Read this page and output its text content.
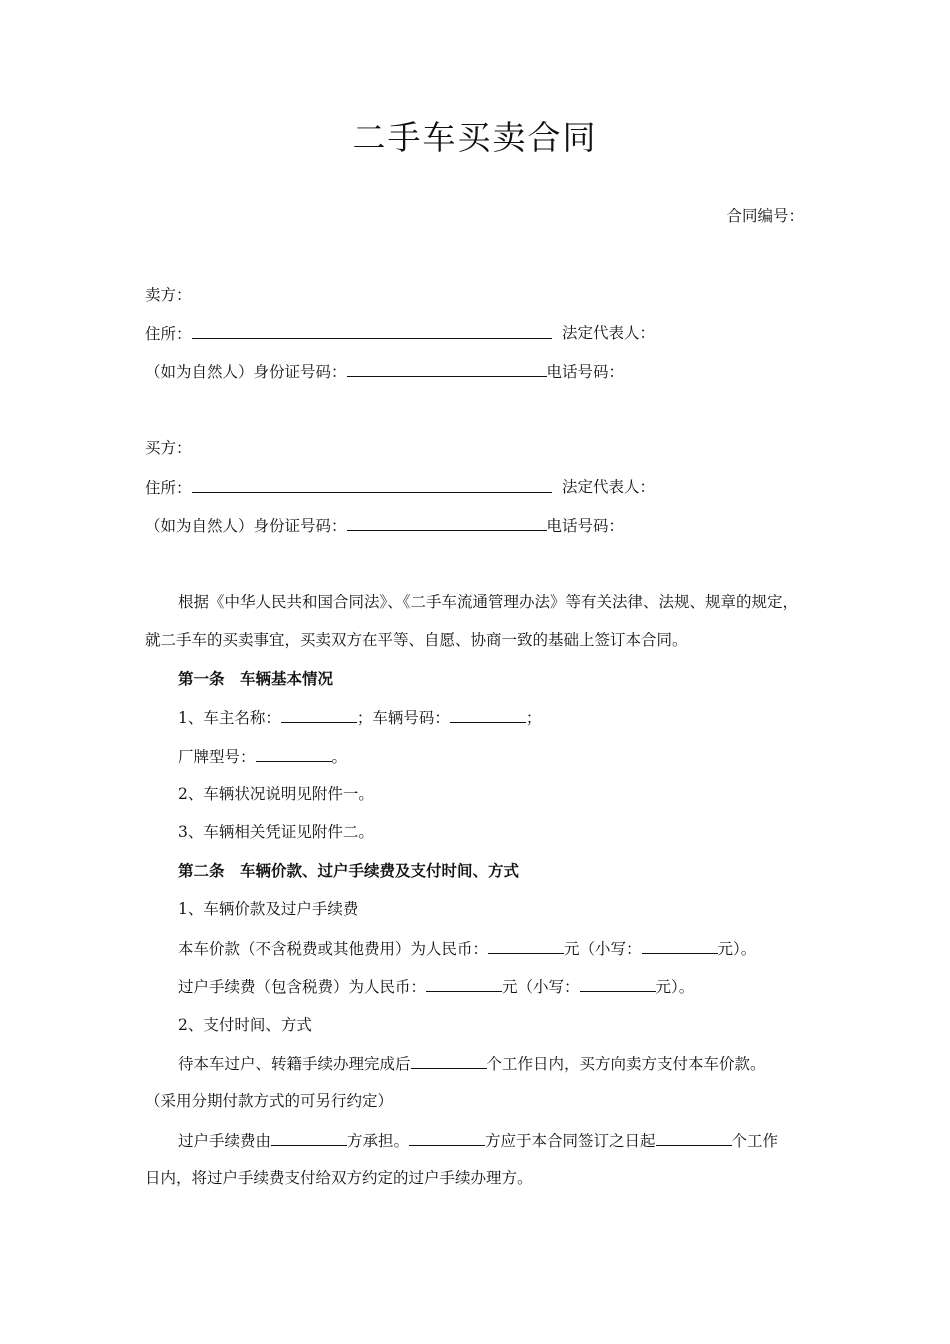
二手车买卖合同
合同编号：
卖方：
住所：	法定代表人：
（如为自然人）身份证号码：	电话号码：
买方：
住所：	法定代表人：
（如为自然人）身份证号码：	电话号码：
根据《中华人民共和国合同法》、《二手车流通管理办法》等有关法律、法规、规章的规定，
就二手车的买卖事宜，买卖双方在平等、自愿、协商一致的基础上签订本合同。
第一条　车辆基本情况
1、车主名称：	；车辆号码：	；
厂牌型号：	。
2、车辆状况说明见附件一。
3、车辆相关凭证见附件二。
第二条　车辆价款、过户手续费及支付时间、方式
1、车辆价款及过户手续费
本车价款（不含税费或其他费用）为人民币：	元（小写：	元）。
过户手续费（包含税费）为人民币：	元（小写：	元）。
2、支付时间、方式
待本车过户、转籍手续办理完成后	个工作日内，买方向卖方支付本车价款。
（采用分期付款方式的可另行约定）
过户手续费由	方承担。	方应于本合同签订之日起	个工作
日内，将过户手续费支付给双方约定的过户手续办理方。
